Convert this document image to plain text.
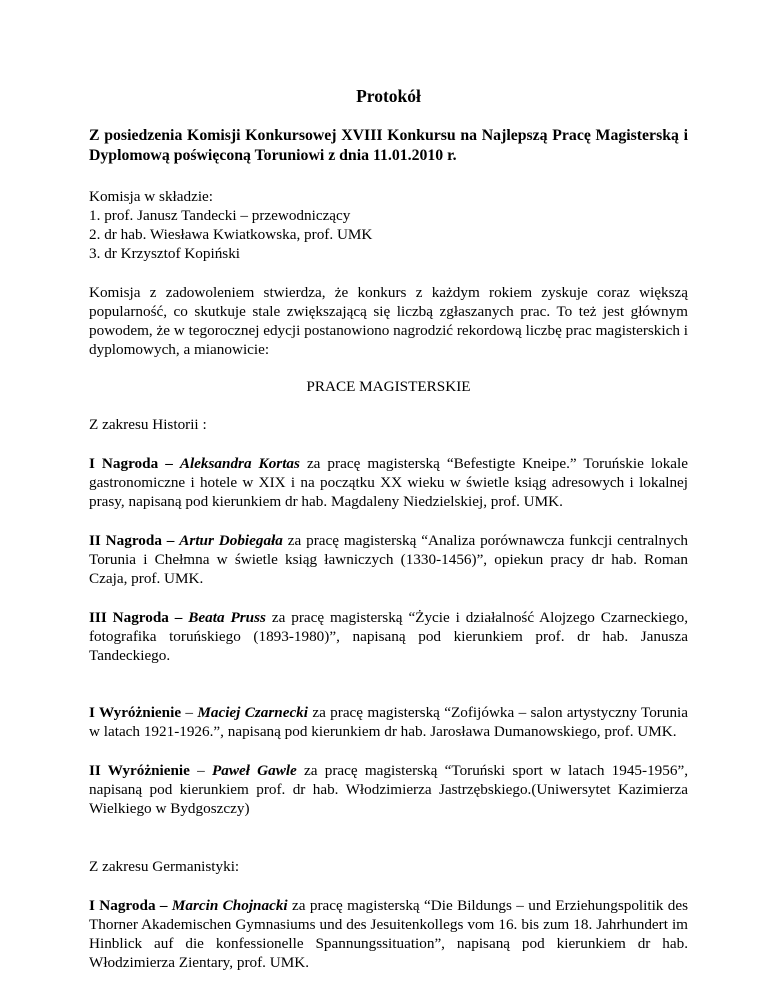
Protokół
Z posiedzenia Komisji Konkursowej XVIII Konkursu na Najlepszą Pracę Magisterską i Dyplomową poświęconą Toruniowi z dnia 11.01.2010 r.
Komisja w składzie:
1. prof. Janusz Tandecki – przewodniczący
2. dr hab. Wiesława Kwiatkowska, prof. UMK
3. dr Krzysztof Kopiński

Komisja z zadowoleniem stwierdza, że konkurs z każdym rokiem zyskuje coraz większą popularność, co skutkuje stale zwiększającą się liczbą zgłaszanych prac. To też jest głównym powodem, że w tegorocznej edycji postanowiono nagrodzić rekordową liczbę prac magisterskich i dyplomowych, a mianowicie:

PRACE MAGISTERSKIE
Z zakresu Historii :

I Nagroda – Aleksandra Kortas za pracę magisterską “Befestigte Kneipe.” Toruńskie lokale gastronomiczne i hotele w XIX i na początku XX wieku w świetle ksiąg adresowych i lokalnej prasy, napisaną pod kierunkiem dr hab. Magdaleny Niedzielskiej, prof. UMK.

II Nagroda – Artur Dobiegała za pracę magisterską “Analiza porównawcza funkcji centralnych Torunia i Chełmna w świetle ksiąg ławniczych (1330-1456)”, opiekun pracy dr hab. Roman Czaja, prof. UMK.

III Nagroda – Beata Pruss za pracę magisterską “Życie i działalność Alojzego Czarneckiego, fotografika toruńskiego (1893-1980)”, napisaną pod kierunkiem prof. dr hab. Janusza Tandeckiego.

I Wyróżnienie – Maciej Czarnecki za pracę magisterską “Zofijówka – salon artystyczny Torunia w latach 1921-1926.”, napisaną pod kierunkiem dr hab. Jarosława Dumanowskiego, prof. UMK.

II Wyróżnienie – Paweł Gawle za pracę magisterską “Toruński sport w latach 1945-1956”, napisaną pod kierunkiem prof. dr hab. Włodzimierza Jastrzębskiego.(Uniwersytet Kazimierza Wielkiego w Bydgoszczy)

Z zakresu Germanistyki:

I Nagroda – Marcin Chojnacki za pracę magisterską “Die Bildungs – und Erziehungspolitik des Thorner Akademischen Gymnasiums und des Jesuitenkollegs vom 16. bis zum 18. Jahrhundert im Hinblick auf die konfessionelle Spannungssituation”, napisaną pod kierunkiem dr hab. Włodzimierza Zientary, prof. UMK.
